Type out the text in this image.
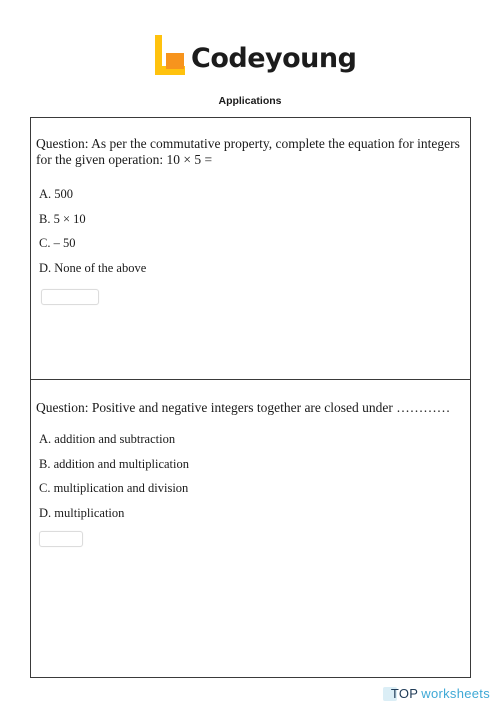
Codeyoung
Applications
Question: As per the commutative property, complete the equation for integers for the given operation: 10 × 5 =
A. 500
B. 5 × 10
C. – 50
D. None of the above
Question: Positive and negative integers together are closed under …………
A. addition and subtraction
B. addition and multiplication
C. multiplication and division
D. multiplication
TOP worksheets
